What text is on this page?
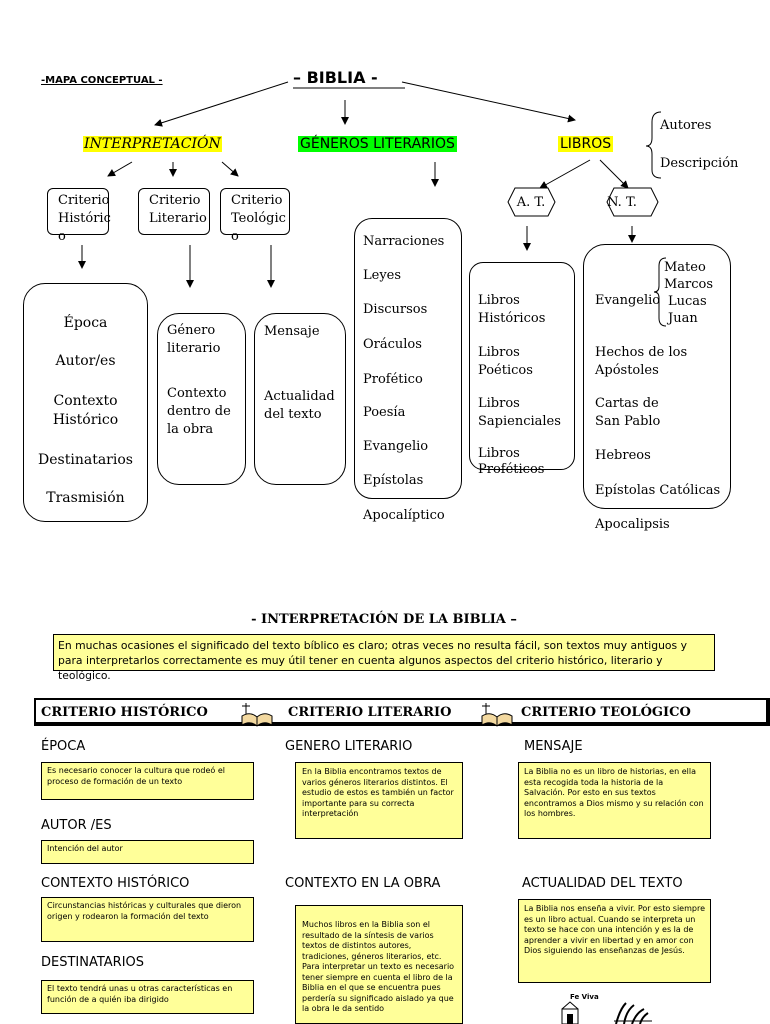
-MAPA CONCEPTUAL -	– BIBLIA -
INTERPRETACIÓN	GÉNEROS LITERARIOS	LIBROS
Autores
Descripción
Criterio Históric o
Criterio Literario
Criterio Teológic o
Época
Autor/es
Contexto Histórico
Destinatarios
Trasmisión
Género literario
Contexto dentro de la obra
Mensaje
Actualidad del texto
Narraciones
Leyes
Discursos
Oráculos
Profético
Poesía
Evangelio
Epístolas
Apocalíptico
A. T.	N. T.
Libros Históricos
Libros Poéticos
Libros Sapienciales
Libros Proféticos
Evangelio
Mateo
Marcos
Lucas
Juan
Hechos de los Apóstoles
Cartas de San Pablo
Hebreos
Epístolas Católicas
Apocalipsis
- INTERPRETACIÓN DE LA BIBLIA –
En muchas ocasiones el significado del texto bíblico es claro; otras veces no resulta fácil, son textos muy antiguos y para interpretarlos correctamente es muy útil tener en cuenta algunos aspectos del criterio histórico, literario y teológico.
CRITERIO HISTÓRICO	CRITERIO LITERARIO	CRITERIO TEOLÓGICO
ÉPOCA
Es necesario conocer la cultura que rodeó el proceso de formación de un texto
AUTOR /ES
Intención del autor
CONTEXTO HISTÓRICO
Circunstancias históricas y culturales que dieron origen y rodearon la formación del texto
DESTINATARIOS
El texto tendrá unas u otras características en función de a quién iba dirigido
GENERO LITERARIO
En la Biblia encontramos textos de varios géneros literarios distintos. El estudio de estos es también un factor importante para su correcta interpretación
CONTEXTO EN LA OBRA
Muchos libros en la Biblia son el resultado de la síntesis de varios textos de distintos autores, tradiciones, géneros literarios, etc. Para interpretar un texto es necesario tener siempre en cuenta el libro de la Biblia en el que se encuentra pues perdería su significado aislado ya que la obra le da sentido
MENSAJE
La Biblia no es un libro de historias, en ella esta recogida toda la historia de la Salvación. Por esto en sus textos encontramos a Dios mismo y su relación con los hombres.
ACTUALIDAD DEL TEXTO
La Biblia nos enseña a vivir. Por esto siempre es un libro actual. Cuando se interpreta un texto se hace con una intención y es la de aprender a vivir en libertad y en amor con Dios siguiendo las enseñanzas de Jesús.
Fe Viva
